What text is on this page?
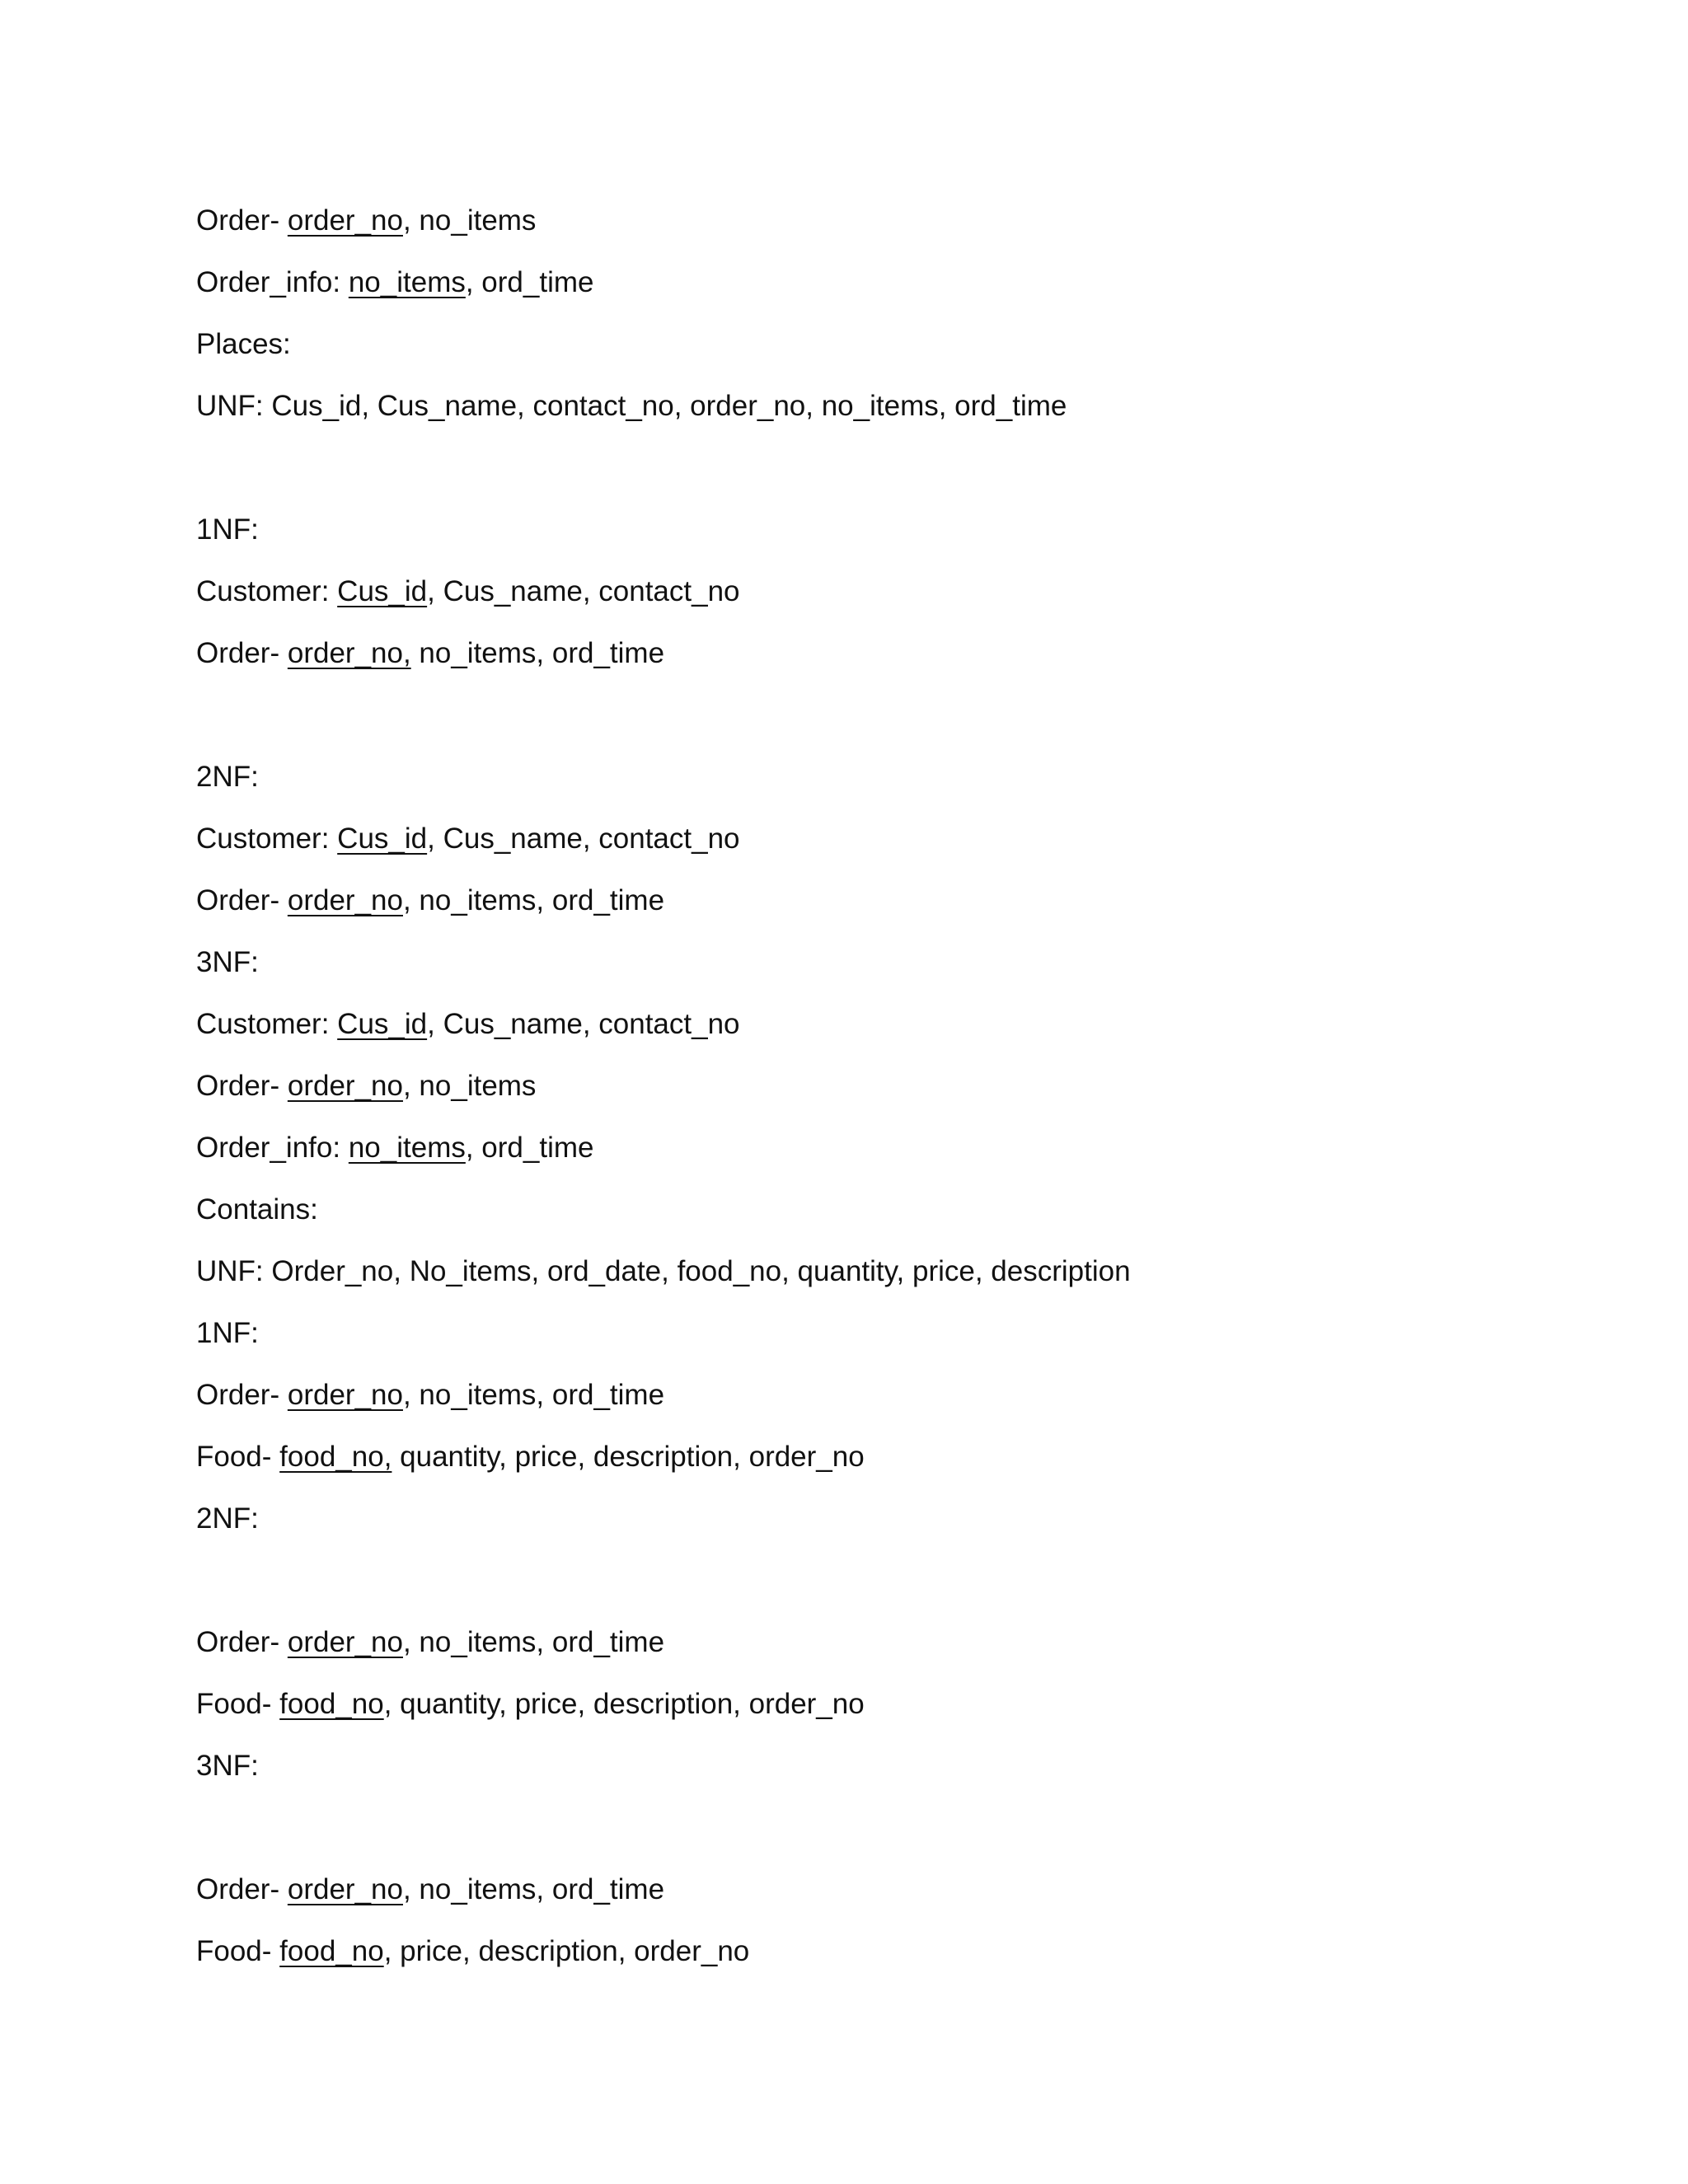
Order- order_no, no_items
Order_info: no_items, ord_time
Places:
UNF: Cus_id, Cus_name, contact_no, order_no, no_items, ord_time
1NF:
Customer: Cus_id, Cus_name, contact_no
Order- order_no, no_items, ord_time
2NF:
Customer: Cus_id, Cus_name, contact_no
Order- order_no, no_items, ord_time
3NF:
Customer: Cus_id, Cus_name, contact_no
Order- order_no, no_items
Order_info: no_items, ord_time
Contains:
UNF: Order_no, No_items, ord_date, food_no, quantity, price, description
1NF:
Order- order_no, no_items, ord_time
Food- food_no, quantity, price, description, order_no
2NF:
Order- order_no, no_items, ord_time
Food- food_no, quantity, price, description, order_no
3NF:
Order- order_no, no_items, ord_time
Food- food_no, price, description, order_no
